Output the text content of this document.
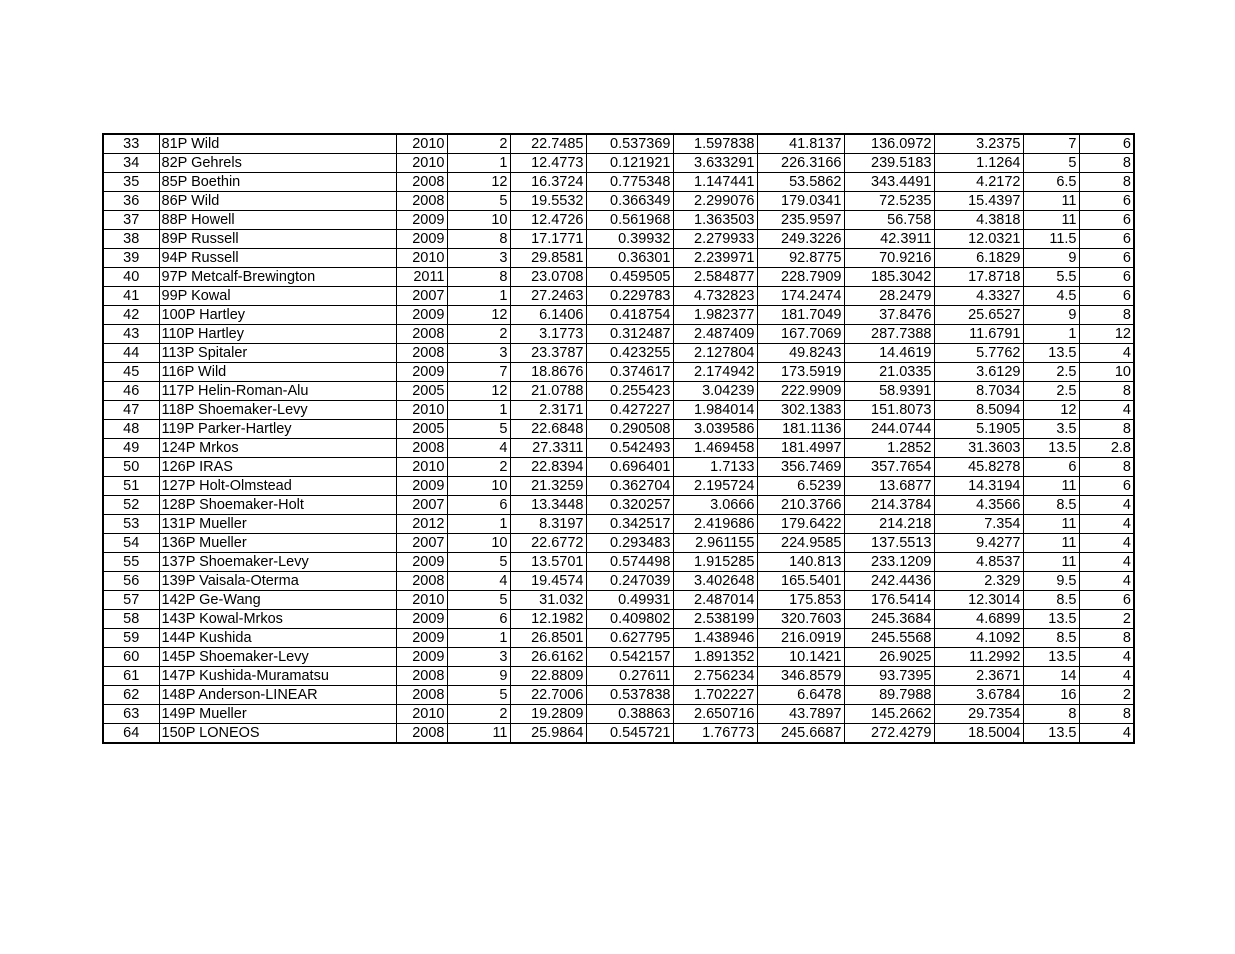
33	81P Wild	2010	2	22.7485	0.537369	1.597838	41.8137	136.0972	3.2375	7	6
34	82P Gehrels	2010	1	12.4773	0.121921	3.633291	226.3166	239.5183	1.1264	5	8
35	85P Boethin	2008	12	16.3724	0.775348	1.147441	53.5862	343.4491	4.2172	6.5	8
36	86P Wild	2008	5	19.5532	0.366349	2.299076	179.0341	72.5235	15.4397	11	6
37	88P Howell	2009	10	12.4726	0.561968	1.363503	235.9597	56.758	4.3818	11	6
38	89P Russell	2009	8	17.1771	0.39932	2.279933	249.3226	42.3911	12.0321	11.5	6
39	94P Russell	2010	3	29.8581	0.36301	2.239971	92.8775	70.9216	6.1829	9	6
40	97P Metcalf-Brewington	2011	8	23.0708	0.459505	2.584877	228.7909	185.3042	17.8718	5.5	6
41	99P Kowal	2007	1	27.2463	0.229783	4.732823	174.2474	28.2479	4.3327	4.5	6
42	100P Hartley	2009	12	6.1406	0.418754	1.982377	181.7049	37.8476	25.6527	9	8
43	110P Hartley	2008	2	3.1773	0.312487	2.487409	167.7069	287.7388	11.6791	1	12
44	113P Spitaler	2008	3	23.3787	0.423255	2.127804	49.8243	14.4619	5.7762	13.5	4
45	116P Wild	2009	7	18.8676	0.374617	2.174942	173.5919	21.0335	3.6129	2.5	10
46	117P Helin-Roman-Alu	2005	12	21.0788	0.255423	3.04239	222.9909	58.9391	8.7034	2.5	8
47	118P Shoemaker-Levy	2010	1	2.3171	0.427227	1.984014	302.1383	151.8073	8.5094	12	4
48	119P Parker-Hartley	2005	5	22.6848	0.290508	3.039586	181.1136	244.0744	5.1905	3.5	8
49	124P Mrkos	2008	4	27.3311	0.542493	1.469458	181.4997	1.2852	31.3603	13.5	2.8
50	126P IRAS	2010	2	22.8394	0.696401	1.7133	356.7469	357.7654	45.8278	6	8
51	127P Holt-Olmstead	2009	10	21.3259	0.362704	2.195724	6.5239	13.6877	14.3194	11	6
52	128P Shoemaker-Holt	2007	6	13.3448	0.320257	3.0666	210.3766	214.3784	4.3566	8.5	4
53	131P Mueller	2012	1	8.3197	0.342517	2.419686	179.6422	214.218	7.354	11	4
54	136P Mueller	2007	10	22.6772	0.293483	2.961155	224.9585	137.5513	9.4277	11	4
55	137P Shoemaker-Levy	2009	5	13.5701	0.574498	1.915285	140.813	233.1209	4.8537	11	4
56	139P Vaisala-Oterma	2008	4	19.4574	0.247039	3.402648	165.5401	242.4436	2.329	9.5	4
57	142P Ge-Wang	2010	5	31.032	0.49931	2.487014	175.853	176.5414	12.3014	8.5	6
58	143P Kowal-Mrkos	2009	6	12.1982	0.409802	2.538199	320.7603	245.3684	4.6899	13.5	2
59	144P Kushida	2009	1	26.8501	0.627795	1.438946	216.0919	245.5568	4.1092	8.5	8
60	145P Shoemaker-Levy	2009	3	26.6162	0.542157	1.891352	10.1421	26.9025	11.2992	13.5	4
61	147P Kushida-Muramatsu	2008	9	22.8809	0.27611	2.756234	346.8579	93.7395	2.3671	14	4
62	148P Anderson-LINEAR	2008	5	22.7006	0.537838	1.702227	6.6478	89.7988	3.6784	16	2
63	149P Mueller	2010	2	19.2809	0.38863	2.650716	43.7897	145.2662	29.7354	8	8
64	150P LONEOS	2008	11	25.9864	0.545721	1.76773	245.6687	272.4279	18.5004	13.5	4
